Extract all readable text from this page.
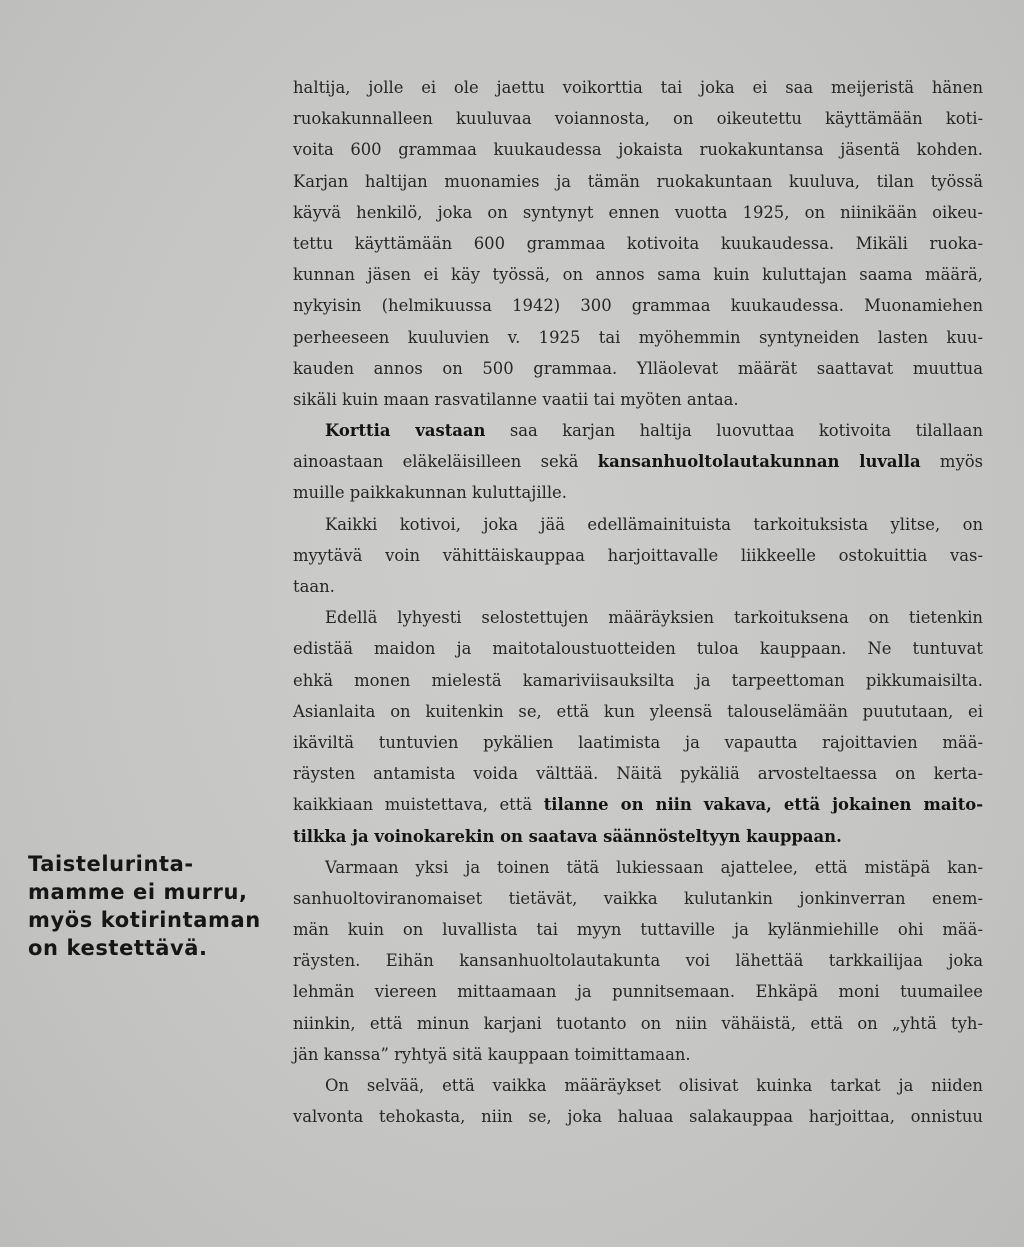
Taistelurinta-
mamme ei murru,
myös kotirintaman
on kestettävä.
haltija, jolle ei ole jaettu voikorttia tai joka ei saa meijeristä hänen
ruokakunnalleen kuuluvaa voiannosta, on oikeutettu käyttämään koti-
voita 600 grammaa kuukaudessa jokaista ruokakuntansa jäsentä kohden.
Karjan haltijan muonamies ja tämän ruokakuntaan kuuluva, tilan työssä
käyvä henkilö, joka on syntynyt ennen vuotta 1925, on niinikään oikeu-
tettu käyttämään 600 grammaa kotivoita kuukaudessa. Mikäli ruoka-
kunnan jäsen ei käy työssä, on annos sama kuin kuluttajan saama määrä,
nykyisin (helmikuussa 1942) 300 grammaa kuukaudessa. Muonamiehen
perheeseen kuuluvien v. 1925 tai myöhemmin syntyneiden lasten kuu-
kauden annos on 500 grammaa. Ylläolevat määrät saattavat muuttua
sikäli kuin maan rasvatilanne vaatii tai myöten antaa.
Korttia vastaan saa karjan haltija luovuttaa kotivoita tilallaan
ainoastaan eläkeläisilleen sekä kansanhuoltolautakunnan luvalla myös
muille paikkakunnan kuluttajille.
Kaikki kotivoi, joka jää edellämainituista tarkoituksista ylitse, on
myytävä voin vähittäiskauppaa harjoittavalle liikkeelle ostokuittia vas-
taan.
Edellä lyhyesti selostettujen määräyksien tarkoituksena on tietenkin
edistää maidon ja maitotaloustuotteiden tuloa kauppaan. Ne tuntuvat
ehkä monen mielestä kamariviisauksilta ja tarpeettoman pikkumaisilta.
Asianlaita on kuitenkin se, että kun yleensä talouselämään puututaan, ei
ikäviltä tuntuvien pykälien laatimista ja vapautta rajoittavien mää-
räysten antamista voida välttää. Näitä pykäliä arvosteltaessa on kerta-
kaikkiaan muistettava, että tilanne on niin vakava, että jokainen maito-
tilkka ja voinokarekin on saatava säännösteltyyn kauppaan.
Varmaan yksi ja toinen tätä lukiessaan ajattelee, että mistäpä kan-
sanhuoltoviranomaiset tietävät, vaikka kulutankin jonkinverran enem-
män kuin on luvallista tai myyn tuttaville ja kylänmiehille ohi mää-
räysten. Eihän kansanhuoltolautakunta voi lähettää tarkkailijaa joka
lehmän viereen mittaamaan ja punnitsemaan. Ehkäpä moni tuumailee
niinkin, että minun karjani tuotanto on niin vähäistä, että on „yhtä tyh-
jän kanssa” ryhtyä sitä kauppaan toimittamaan.
On selvää, että vaikka määräykset olisivat kuinka tarkat ja niiden
valvonta tehokasta, niin se, joka haluaa salakauppaa harjoittaa, onnistuu
